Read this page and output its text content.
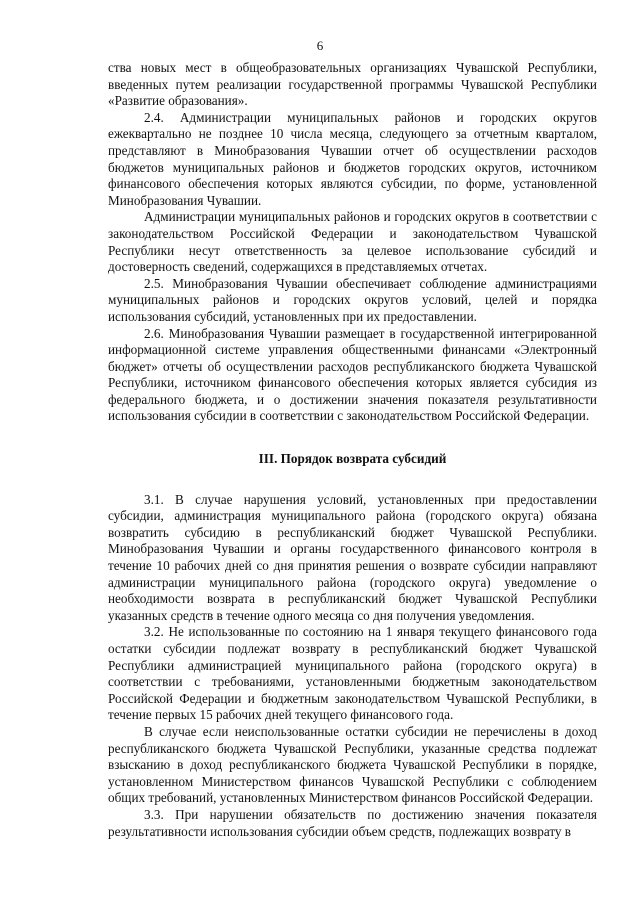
6

ства новых мест в общеобразовательных организациях Чувашской Республики, введенных путем реализации государственной программы Чувашской Республики «Развитие образования».

2.4. Администрации муниципальных районов и городских округов ежеквартально не позднее 10 числа месяца, следующего за отчетным кварталом, представляют в Минобразования Чувашии отчет об осуществлении расходов бюджетов муниципальных районов и бюджетов городских округов, источником финансового обеспечения которых являются субсидии, по форме, установленной Минобразования Чувашии.

Администрации муниципальных районов и городских округов в соответствии с законодательством Российской Федерации и законодательством Чувашской Республики несут ответственность за целевое использование субсидий и достоверность сведений, содержащихся в представляемых отчетах.

2.5. Минобразования Чувашии обеспечивает соблюдение администрациями муниципальных районов и городских округов условий, целей и порядка использования субсидий, установленных при их предоставлении.

2.6. Минобразования Чувашии размещает в государственной интегрированной информационной системе управления общественными финансами «Электронный бюджет» отчеты об осуществлении расходов республиканского бюджета Чувашской Республики, источником финансового обеспечения которых является субсидия из федерального бюджета, и о достижении значения показателя результативности использования субсидии в соответствии с законодательством Российской Федерации.

III. Порядок возврата субсидий

3.1. В случае нарушения условий, установленных при предоставлении субсидии, администрация муниципального района (городского округа) обязана возвратить субсидию в республиканский бюджет Чувашской Республики. Минобразования Чувашии и органы государственного финансового контроля в течение 10 рабочих дней со дня принятия решения о возврате субсидии направляют администрации муниципального района (городского округа) уведомление о необходимости возврата в республиканский бюджет Чувашской Республики указанных средств в течение одного месяца со дня получения уведомления.

3.2. Не использованные по состоянию на 1 января текущего финансового года остатки субсидии подлежат возврату в республиканский бюджет Чувашской Республики администрацией муниципального района (городского округа) в соответствии с требованиями, установленными бюджетным законодательством Российской Федерации и бюджетным законодательством Чувашской Республики, в течение первых 15 рабочих дней текущего финансового года.

В случае если неиспользованные остатки субсидии не перечислены в доход республиканского бюджета Чувашской Республики, указанные средства подлежат взысканию в доход республиканского бюджета Чувашской Республики в порядке, установленном Министерством финансов Чувашской Республики с соблюдением общих требований, установленных Министерством финансов Российской Федерации.

3.3. При нарушении обязательств по достижению значения показателя результативности использования субсидии объем средств, подлежащих возврату в
